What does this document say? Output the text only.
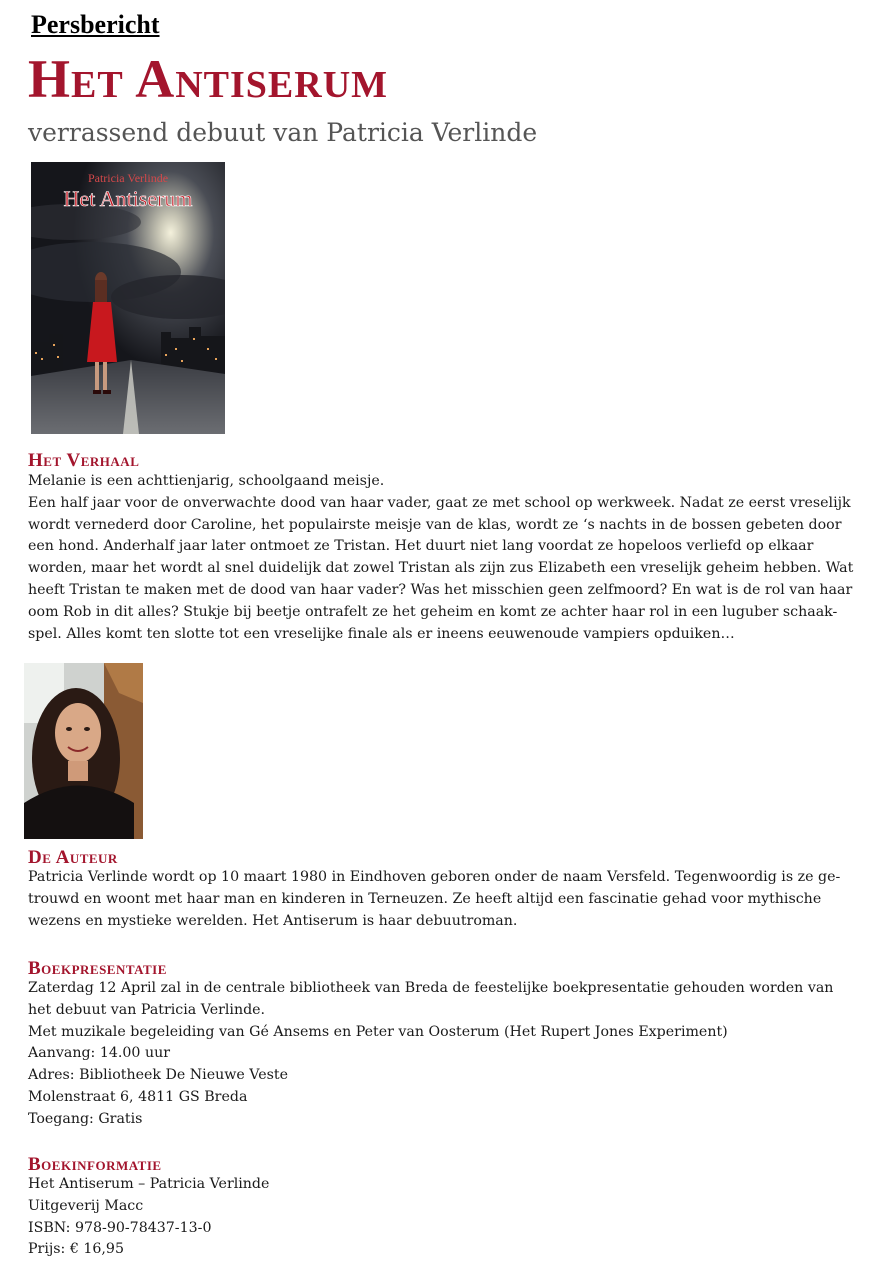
Persbericht
Het Antiserum
verrassend debuut van Patricia Verlinde
Patricia Verlinde
Het Antiserum
Het Verhaal

Melanie is een achttienjarig, schoolgaand meisje.

Een half jaar voor de onverwachte dood van haar vader, gaat ze met school op werkweek. Nadat ze eerst vreselijk wordt vernederd door Caroline, het populairste meisje van de klas, wordt ze ‘s nachts in de bossen gebeten door een hond. Anderhalf jaar later ontmoet ze Tristan. Het duurt niet lang voordat ze hopeloos verliefd op elkaar worden, maar het wordt al snel duidelijk dat zowel Tristan als zijn zus Elizabeth een vreselijk geheim hebben. Wat heeft Tristan te maken met de dood van haar vader? Was het misschien geen zelfmoord? En wat is de rol van haar oom Rob in dit alles? Stukje bij beetje ontrafelt ze het geheim en komt ze achter haar rol in een luguber schaak-spel. Alles komt ten slotte tot een vreselijke finale als er ineens eeuwenoude vampiers opduiken…

De Auteur

Patricia Verlinde wordt op 10 maart 1980 in Eindhoven geboren onder de naam Versfeld. Tegenwoordig is ze ge-trouwd en woont met haar man en kinderen in Terneuzen. Ze heeft altijd een fascinatie gehad voor mythische wezens en mystieke werelden. Het Antiserum is haar debuutroman.

Boekpresentatie
Zaterdag 12 April zal in de centrale bibliotheek van Breda de feestelijke boekpresentatie gehouden worden van
het debuut van Patricia Verlinde.
Met muzikale begeleiding van Gé Ansems en Peter van Oosterum (Het Rupert Jones Experiment)
Aanvang: 14.00 uur
Adres: Bibliotheek De Nieuwe Veste
Molenstraat 6, 4811 GS Breda
Toegang: Gratis
Boekinformatie
Het Antiserum – Patricia Verlinde
Uitgeverij Macc
ISBN: 978-90-78437-13-0
Prijs: € 16,95
